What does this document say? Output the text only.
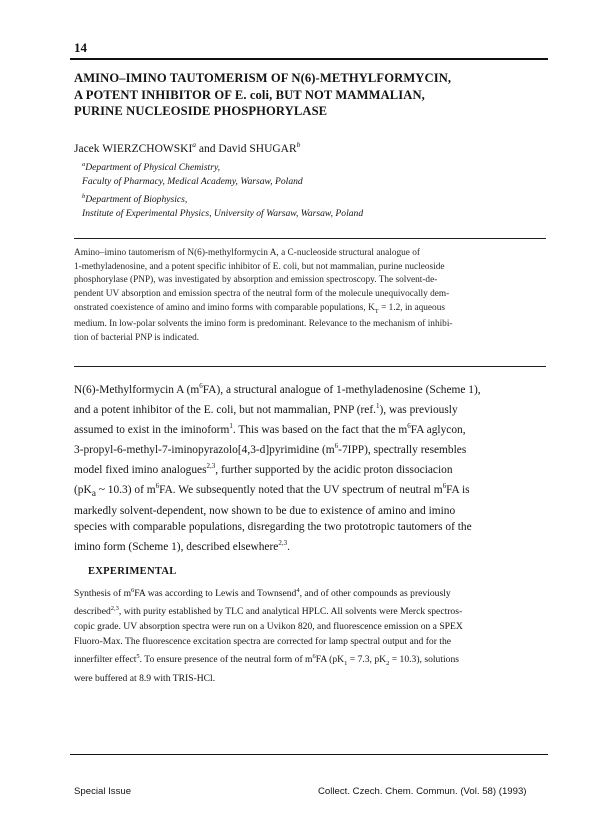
14
AMINO–IMINO TAUTOMERISM OF N(6)-METHYLFORMYCIN,
A POTENT INHIBITOR OF E. coli, BUT NOT MAMMALIAN,
PURINE NUCLEOSIDE PHOSPHORYLASE
Jacek WIERZCHOWSKI$^a$ and David SHUGAR$^b$
$^a$Department of Physical Chemistry,
Faculty of Pharmacy, Medical Academy, Warsaw, Poland
$^b$Department of Biophysics,
Institute of Experimental Physics, University of Warsaw, Warsaw, Poland
Amino–imino tautomerism of N(6)-methylformycin A, a C-nucleoside structural analogue of
1-methyladenosine, and a potent specific inhibitor of E. coli, but not mammalian, purine nucleoside
phosphorylase (PNP), was investigated by absorption and emission spectroscopy. The solvent-de-
pendent UV absorption and emission spectra of the neutral form of the molecule unequivocally dem-
onstrated coexistence of amino and imino forms with comparable populations, $K_T = 1.2$, in aqueous
medium. In low-polar solvents the imino form is predominant. Relevance to the mechanism of inhibi-
tion of bacterial PNP is indicated.
N(6)-Methylformycin A $(m^6FA)$, a structural analogue of 1-methyladenosine (Scheme 1),
and a potent inhibitor of the E. coli, but not mammalian, PNP (ref.$^1$), was previously
assumed to exist in the iminoform$^1$. This was based on the fact that the $m^6FA$ aglycon,
3-propyl-6-methyl-7-iminopyrazolo[4,3-d]pyrimidine $(m^6-7IPP)$, spectrally resembles
model fixed imino analogues$^{2,3}$, further supported by the acidic proton dissociacion
($pK_a$ ~ 10.3) of $m^6FA$. We subsequently noted that the UV spectrum of neutral $m^6FA$ is
markedly solvent-dependent, now shown to be due to existence of amino and imino
species with comparable populations, disregarding the two prototropic tautomers of the
imino form (Scheme 1), described elsewhere$^{2,3}$.
EXPERIMENTAL
Synthesis of $m^6FA$ was according to Lewis and Townsend$^4$, and of other compounds as previously
described$^{2,3}$, with purity established by TLC and analytical HPLC. All solvents were Merck spectros-
copic grade. UV absorption spectra were run on a Uvikon 820, and fluorescence emission on a SPEX
Fluoro-Max. The fluorescence excitation spectra are corrected for lamp spectral output and for the
innerfilter effect$^5$. To ensure presence of the neutral form of $m^6FA$ ($pK_1 = 7.3$, $pK_2 = 10.3$), solutions
were buffered at 8.9 with TRIS-HCl.
Special Issue	Collect. Czech. Chem. Commun. (Vol. 58) (1993)
